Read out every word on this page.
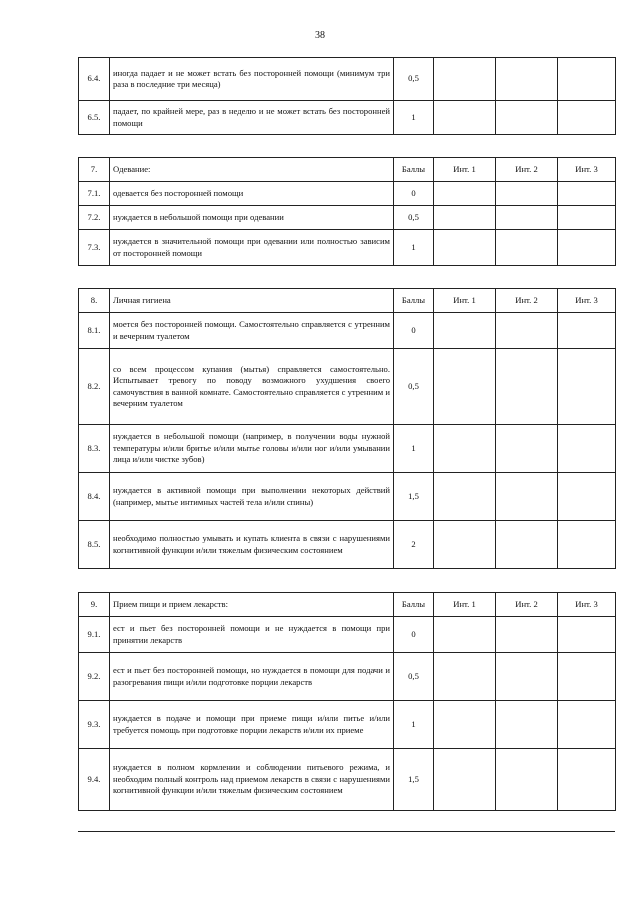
38
6.4.	иногда падает и не может встать без посторонней помощи (минимум три раза в последние три месяца)	0,5			
6.5.	падает, по крайней мере, раз в неделю и не может встать без посторонней помощи	1			
7.	Одевание:	Баллы	Инт. 1	Инт. 2	Инт. 3
7.1.	одевается без посторонней помощи	0			
7.2.	нуждается в небольшой помощи при одевании	0,5			
7.3.	нуждается в значительной помощи при одевании или полностью зависим от посторонней помощи	1			
8.	Личная гигиена	Баллы	Инт. 1	Инт. 2	Инт. 3
8.1.	моется без посторонней помощи. Самостоятельно справляется с утренним и вечерним туалетом	0			
8.2.	со всем процессом купания (мытья) справляется самостоятельно. Испытывает тревогу по поводу возможного ухудшения своего самочувствия в ванной комнате. Самостоятельно справляется с утренним и вечерним туалетом	0,5			
8.3.	нуждается в небольшой помощи (например, в получении воды нужной температуры и/или бритье и/или мытье головы и/или ног и/или умывании лица и/или чистке зубов)	1			
8.4.	нуждается в активной помощи при выполнении некоторых действий (например, мытье интимных частей тела и/или спины)	1,5			
8.5.	необходимо полностью умывать и купать клиента в связи с нарушениями когнитивной функции и/или тяжелым физическим состоянием	2			
9.	Прием пищи и прием лекарств:	Баллы	Инт. 1	Инт. 2	Инт. 3
9.1.	ест и пьет без посторонней помощи и не нуждается в помощи при принятии лекарств	0			
9.2.	ест и пьет без посторонней помощи, но нуждается в помощи для подачи и разогревания пищи и/или подготовке порции лекарств	0,5			
9.3.	нуждается в подаче и помощи при приеме пищи и/или питье и/или требуется помощь при подготовке порции лекарств и/или их приеме	1			
9.4.	нуждается в полном кормлении и соблюдении питьевого режима, и необходим полный контроль над приемом лекарств в связи с нарушениями когнитивной функции и/или тяжелым физическим состоянием	1,5			
